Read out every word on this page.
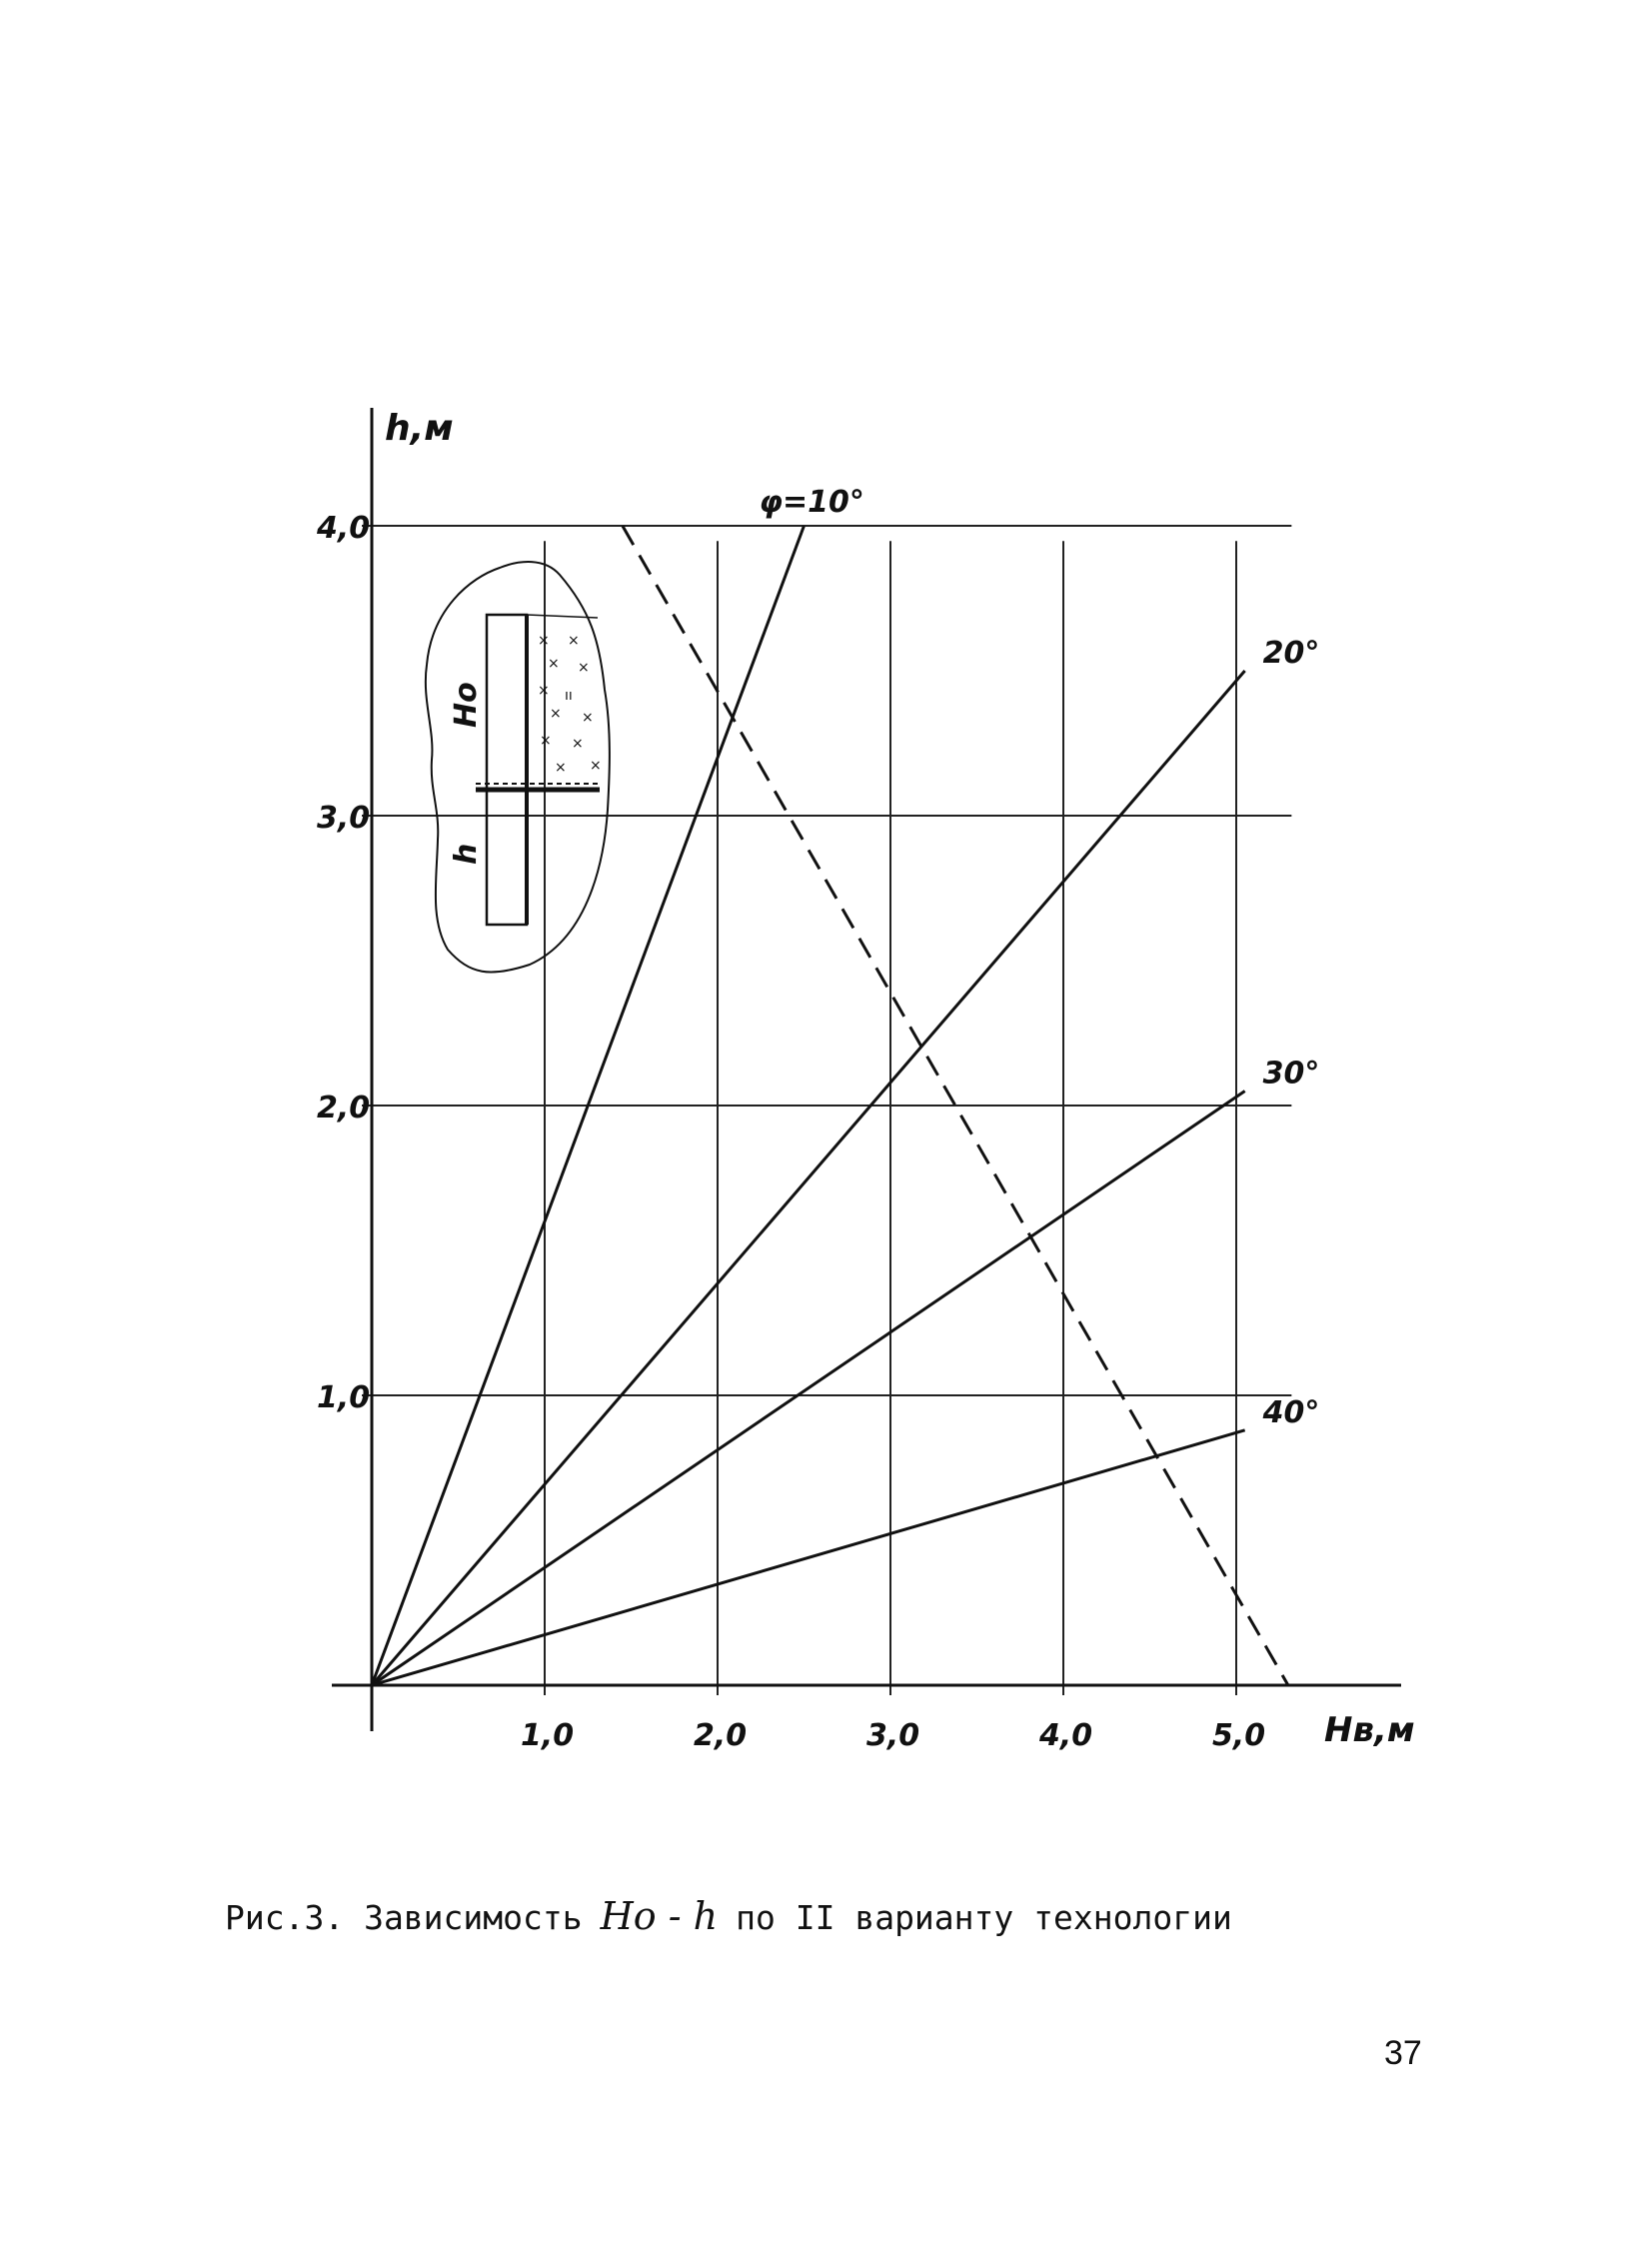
1,0	2,0	3,0	4,0	5,0
1,0
2,0
3,0
4,0
h,м
Hв,м
φ=10°
20°
30°
40°
× ×
× ×
× ıı
× ×
× ×
× ×
Ho
h
Рис.3. Зависимость Hо - h по II варианту технологии
37
